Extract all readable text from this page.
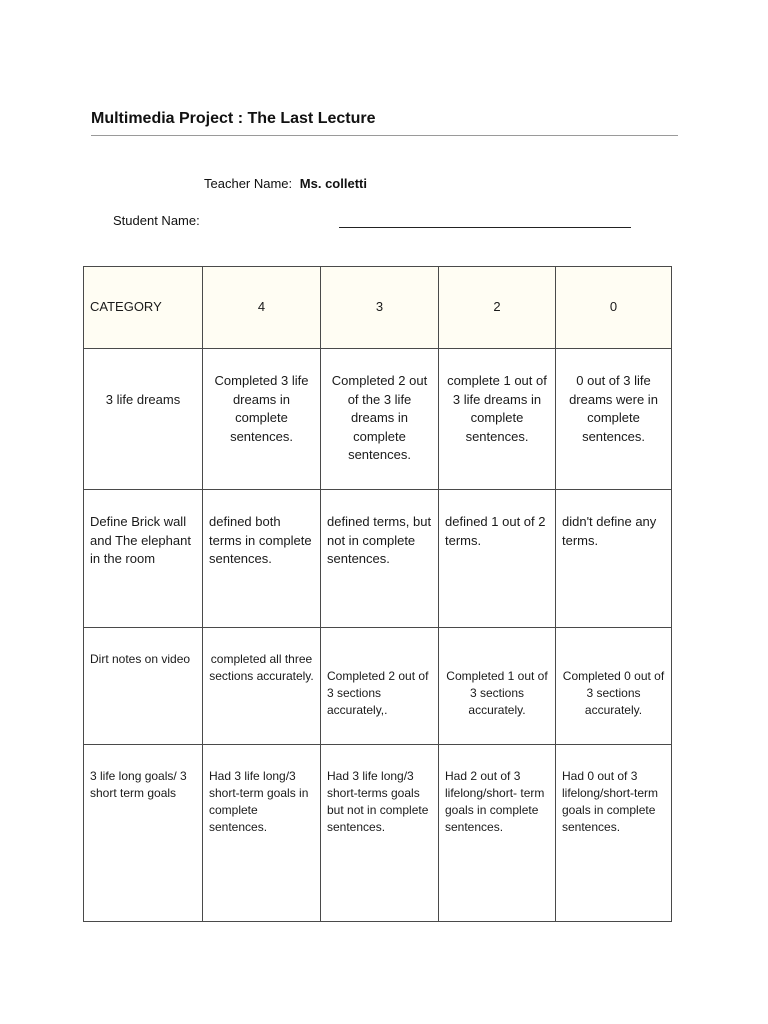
Multimedia Project : The Last Lecture
Teacher Name: Ms. colletti
Student Name:
CATEGORY	4	3	2	0

3 life dreams	Completed 3 life dreams in complete sentences.	Completed 2 out of the 3 life dreams in complete sentences.	complete 1 out of 3 life dreams in complete sentences.	0 out of 3 life dreams were in complete sentences.

Define Brick wall and The elephant in the room	defined both terms in complete sentences.	defined terms, but not in complete sentences.	defined 1 out of 2 terms.	didn't define any terms.

Dirt notes on video	completed all three sections accurately.	Completed 2 out of 3 sections accurately,.	Completed 1 out of 3 sections accurately.	Completed 0 out of 3 sections accurately.

3 life long goals/ 3 short term goals	Had 3 life long/3 short-term goals in complete sentences.	Had 3 life long/3 short-terms goals but not in complete sentences.	Had 2 out of 3 lifelong/short- term goals in complete sentences.	Had 0 out of 3 lifelong/short-term goals in complete sentences.
